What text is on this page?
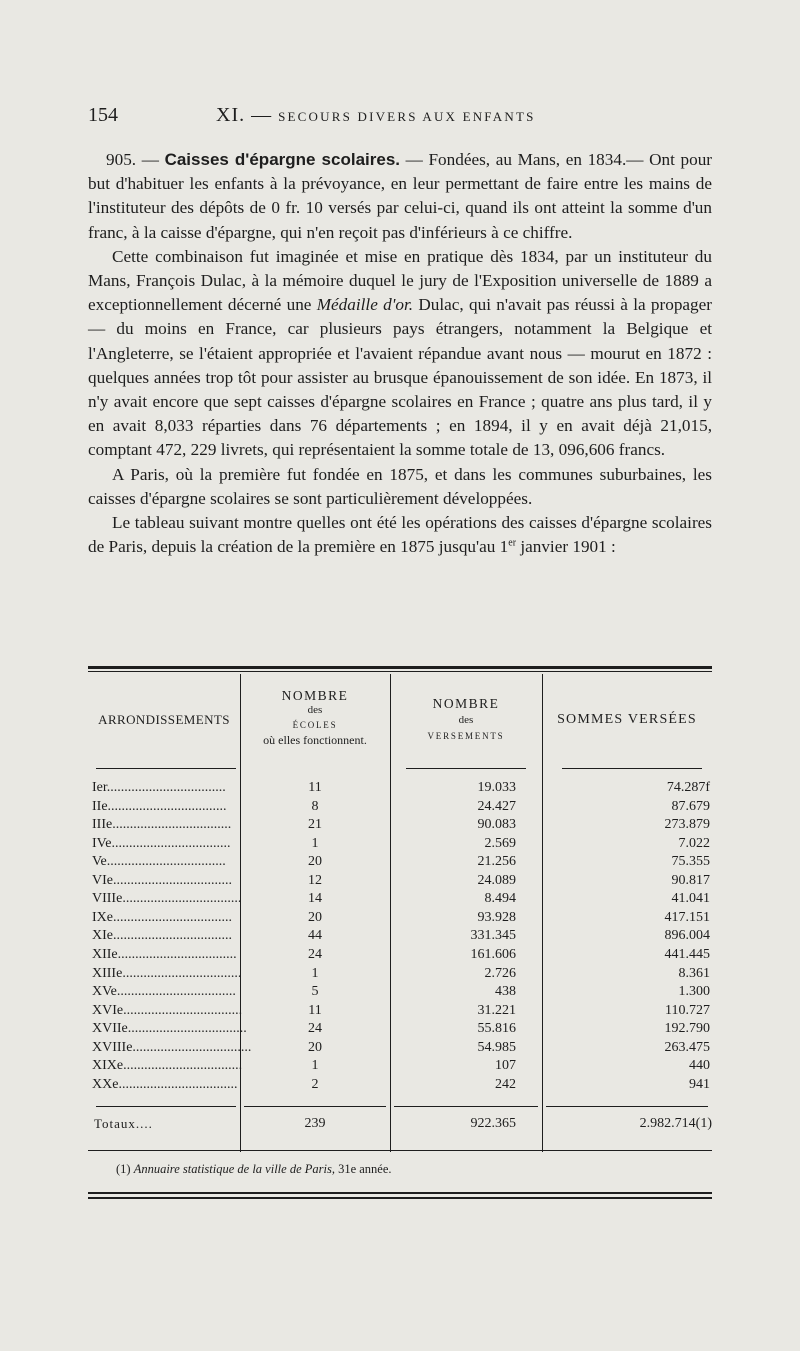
154	XI. — SECOURS DIVERS AUX ENFANTS

905. — Caisses d'épargne scolaires. — Fondées, au Mans, en 1834.— Ont pour but d'habituer les enfants à la prévoyance, en leur permettant de faire entre les mains de l'instituteur des dépôts de 0 fr. 10 versés par celui-ci, quand ils ont atteint la somme d'un franc, à la caisse d'épargne, qui n'en reçoit pas d'inférieurs à ce chiffre.

Cette combinaison fut imaginée et mise en pratique dès 1834, par un instituteur du Mans, François Dulac, à la mémoire duquel le jury de l'Exposition universelle de 1889 a exceptionnellement décerné une Médaille d'or. Dulac, qui n'avait pas réussi à la propager — du moins en France, car plusieurs pays étrangers, notamment la Belgique et l'Angleterre, se l'étaient appropriée et l'avaient répandue avant nous — mourut en 1872 : quelques années trop tôt pour assister au brusque épanouissement de son idée. En 1873, il n'y avait encore que sept caisses d'épargne scolaires en France ; quatre ans plus tard, il y en avait 8,033 réparties dans 76 départements ; en 1894, il y en avait déjà 21,015, comptant 472, 229 livrets, qui représentaient la somme totale de 13, 096,606 francs.

A Paris, où la première fut fondée en 1875, et dans les communes suburbaines, les caisses d'épargne scolaires se sont particulièrement développées.

Le tableau suivant montre quelles ont été les opérations des caisses d'épargne scolaires de Paris, depuis la création de la première en 1875 jusqu'au 1er janvier 1901 :

ARRONDISSEMENTS
NOMBRE
des
ÉCOLES
où elles fonctionnent.
NOMBRE
des
VERSEMENTS
SOMMES VERSÉES
Ier..................................	11	19.033	74.287f
IIe..................................	8	24.427	87.679
IIIe..................................	21	90.083	273.879
IVe..................................	1	2.569	7.022
Ve..................................	20	21.256	75.355
VIe..................................	12	24.089	90.817
VIIIe..................................	14	8.494	41.041
IXe..................................	20	93.928	417.151
XIe..................................	44	331.345	896.004
XIIe..................................	24	161.606	441.445
XIIIe..................................	1	2.726	8.361
XVe..................................	5	438	1.300
XVIe..................................	11	31.221	110.727
XVIIe..................................	24	55.816	192.790
XVIIIe..................................	20	54.985	263.475
XIXe..................................	1	107	440
XXe..................................	2	242	941
Totaux....	239	922.365	2.982.714(1)
(1) Annuaire statistique de la ville de Paris, 31e année.
